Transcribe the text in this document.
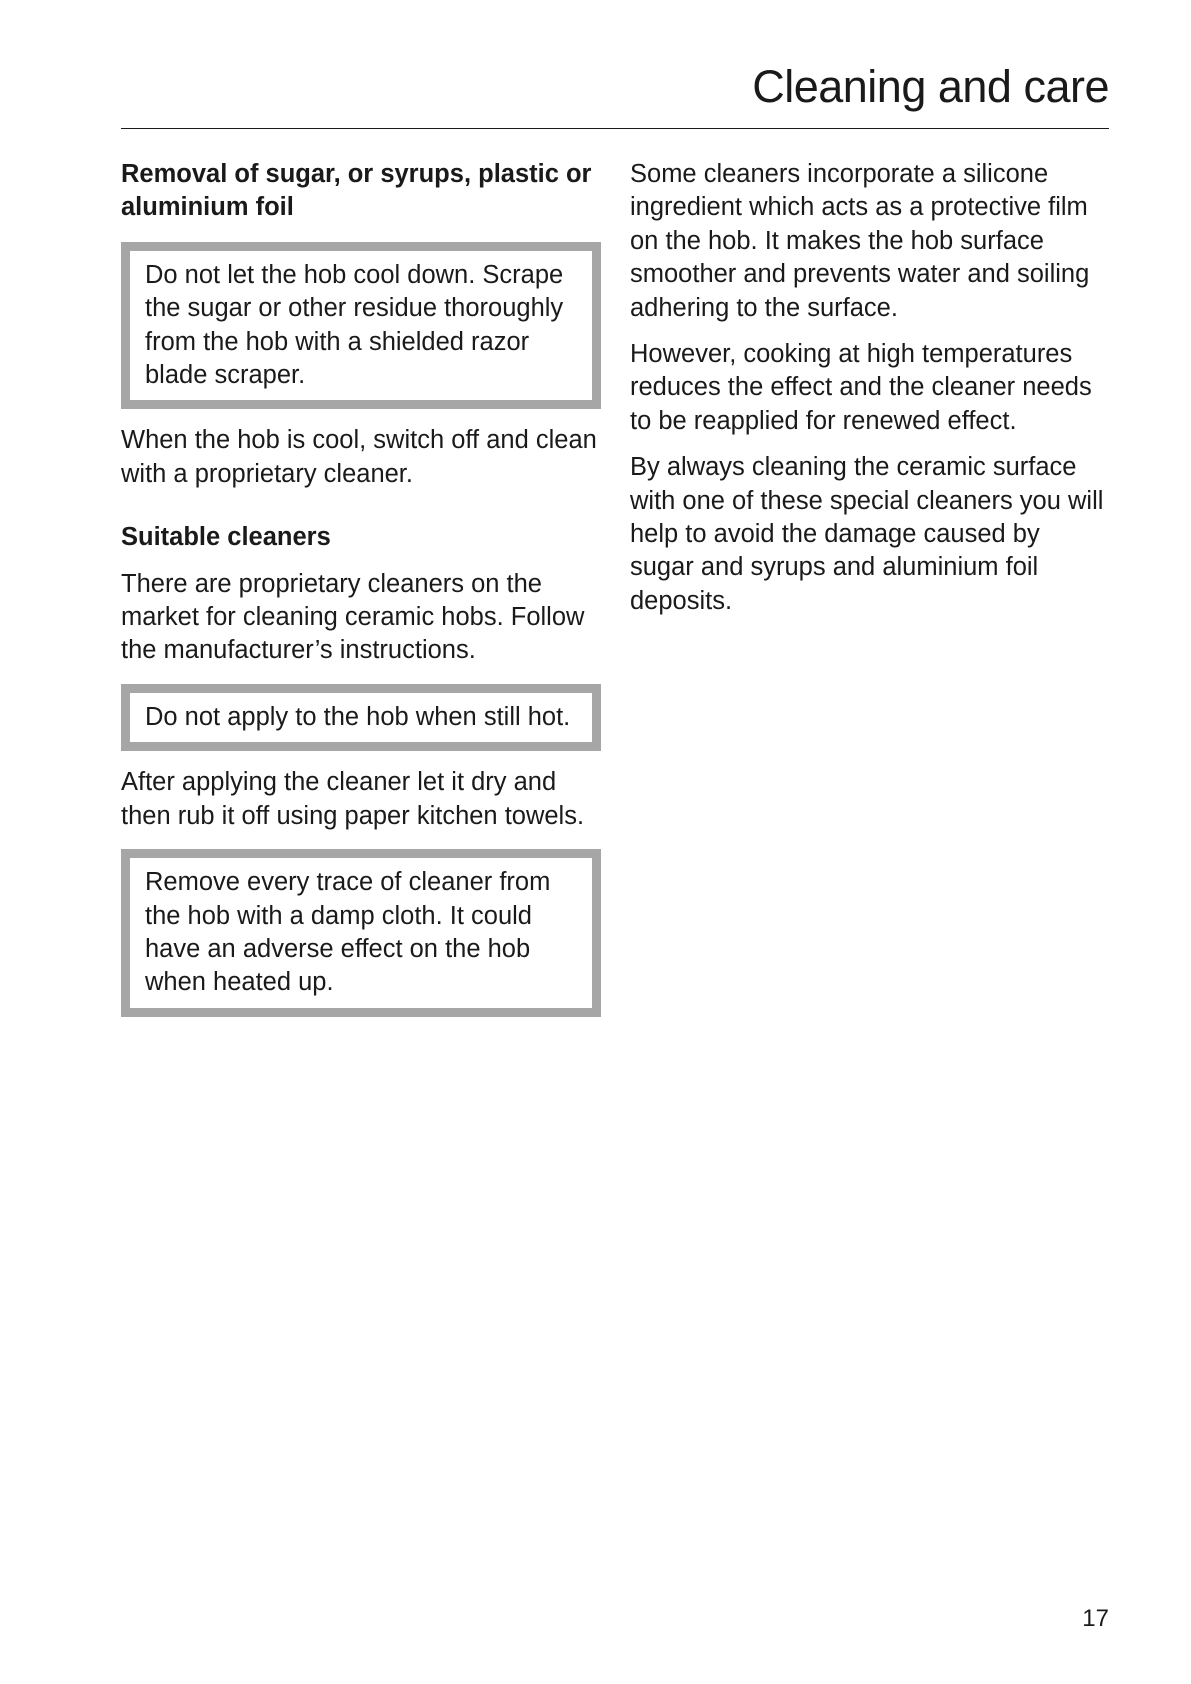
Cleaning and care
Removal of sugar, or syrups, plastic or aluminium foil

Do not let the hob cool down. Scrape the sugar or other residue thoroughly from the hob with a shielded razor blade scraper.

When the hob is cool, switch off and clean with a proprietary cleaner.

Suitable cleaners

There are proprietary cleaners on the market for cleaning ceramic hobs. Follow the manufacturer’s instructions.

Do not apply to the hob when still hot.

After applying the cleaner let it dry and then rub it off using paper kitchen towels.

Remove every trace of cleaner from the hob with a damp cloth. It could have an adverse effect on the hob when heated up.

Some cleaners incorporate a silicone ingredient which acts as a protective film on the hob. It makes the hob surface smoother and prevents water and soiling adhering to the surface.

However, cooking at high temperatures reduces the effect and the cleaner needs to be reapplied for renewed effect.

By always cleaning the ceramic surface with one of these special cleaners you will help to avoid the damage caused by sugar and syrups and aluminium foil deposits.

17
